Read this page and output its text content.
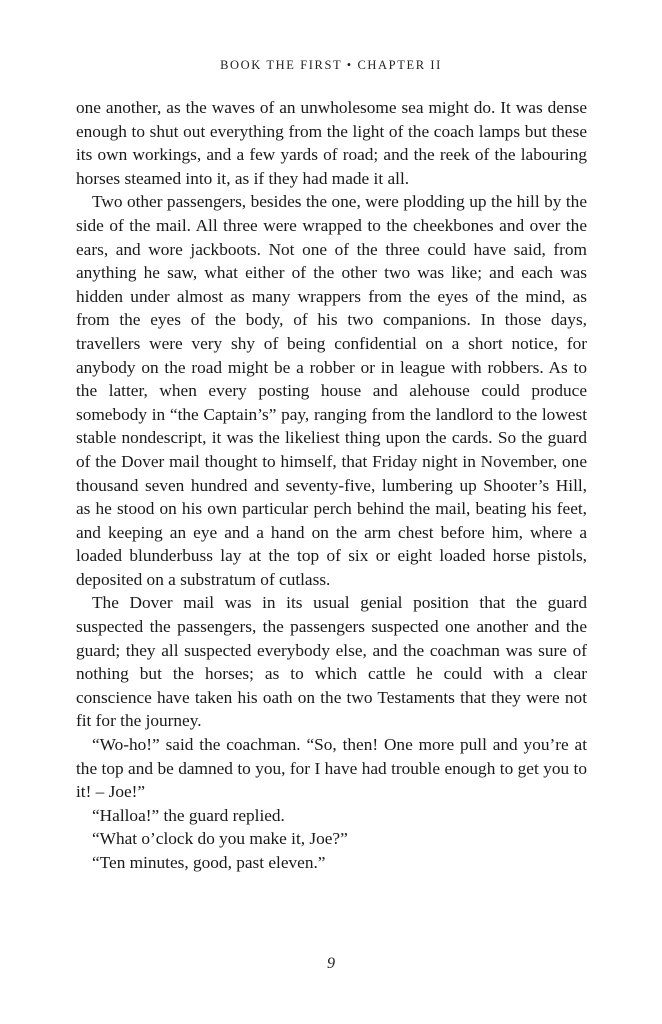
BOOK THE FIRST • CHAPTER II

one another, as the waves of an unwholesome sea might do. It was dense enough to shut out everything from the light of the coach lamps but these its own workings, and a few yards of road; and the reek of the labouring horses steamed into it, as if they had made it all.

Two other passengers, besides the one, were plodding up the hill by the side of the mail. All three were wrapped to the cheekbones and over the ears, and wore jackboots. Not one of the three could have said, from anything he saw, what either of the other two was like; and each was hidden under almost as many wrappers from the eyes of the mind, as from the eyes of the body, of his two companions. In those days, travellers were very shy of being confidential on a short notice, for anybody on the road might be a robber or in league with robbers. As to the latter, when every posting house and alehouse could produce somebody in “the Captain’s” pay, ranging from the landlord to the lowest stable nondescript, it was the likeliest thing upon the cards. So the guard of the Dover mail thought to himself, that Friday night in November, one thousand seven hundred and seventy-five, lumbering up Shooter’s Hill, as he stood on his own particular perch behind the mail, beating his feet, and keeping an eye and a hand on the arm chest before him, where a loaded blunderbuss lay at the top of six or eight loaded horse pistols, deposited on a substratum of cutlass.

The Dover mail was in its usual genial position that the guard suspected the passengers, the passengers suspected one another and the guard; they all suspected everybody else, and the coachman was sure of nothing but the horses; as to which cattle he could with a clear conscience have taken his oath on the two Testaments that they were not fit for the journey.

“Wo-ho!” said the coachman. “So, then! One more pull and you’re at the top and be damned to you, for I have had trouble enough to get you to it! – Joe!”

“Halloa!” the guard replied.

“What o’clock do you make it, Joe?”

“Ten minutes, good, past eleven.”

9
